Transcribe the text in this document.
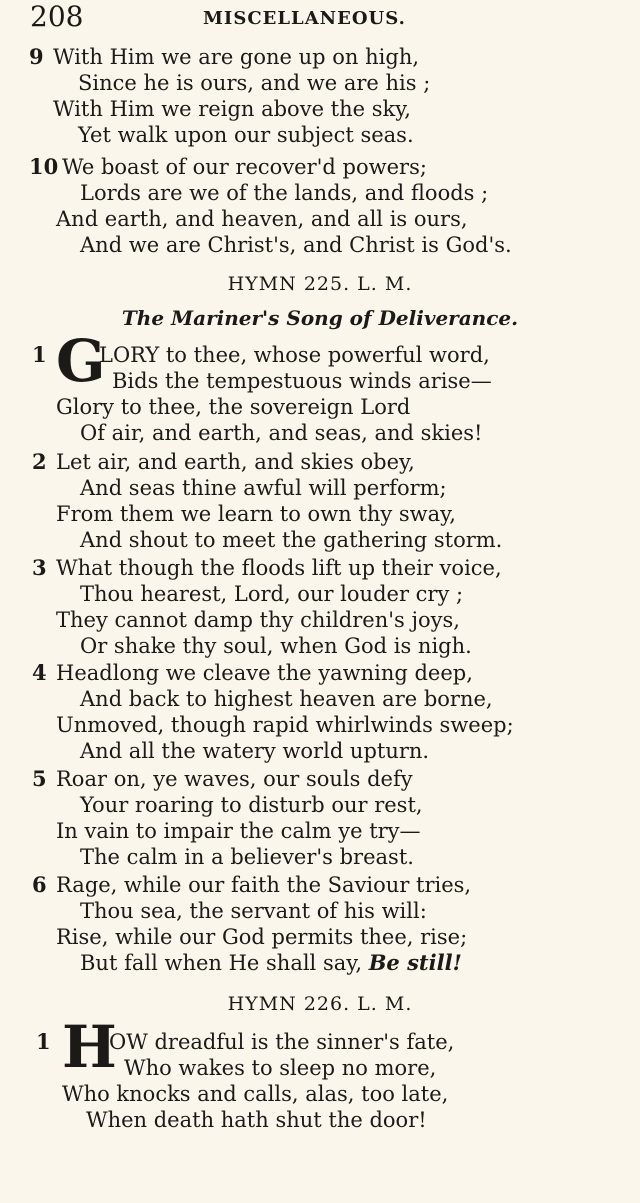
208	MISCELLANEOUS.
9 With Him we are gone up on high,
Since he is ours, and we are his ;
With Him we reign above the sky,
Yet walk upon our subject seas.
10 We boast of our recover'd powers;
Lords are we of the lands, and floods ;
And earth, and heaven, and all is ours,
And we are Christ's, and Christ is God's.
HYMN 225. L. M.
The Mariner's Song of Deliverance.
1 G
LORY to thee, whose powerful word,
Bids the tempestuous winds arise—
Glory to thee, the sovereign Lord
Of air, and earth, and seas, and skies!
2 Let air, and earth, and skies obey,
And seas thine awful will perform;
From them we learn to own thy sway,
And shout to meet the gathering storm.
3 What though the floods lift up their voice,
Thou hearest, Lord, our louder cry ;
They cannot damp thy children's joys,
Or shake thy soul, when God is nigh.
4 Headlong we cleave the yawning deep,
And back to highest heaven are borne,
Unmoved, though rapid whirlwinds sweep;
And all the watery world upturn.
5 Roar on, ye waves, our souls defy
Your roaring to disturb our rest,
In vain to impair the calm ye try—
The calm in a believer's breast.
6 Rage, while our faith the Saviour tries,
Thou sea, the servant of his will:
Rise, while our God permits thee, rise;
But fall when He shall say, Be still!
HYMN 226. L. M.
1 H
OW dreadful is the sinner's fate,
Who wakes to sleep no more,
Who knocks and calls, alas, too late,
When death hath shut the door!
